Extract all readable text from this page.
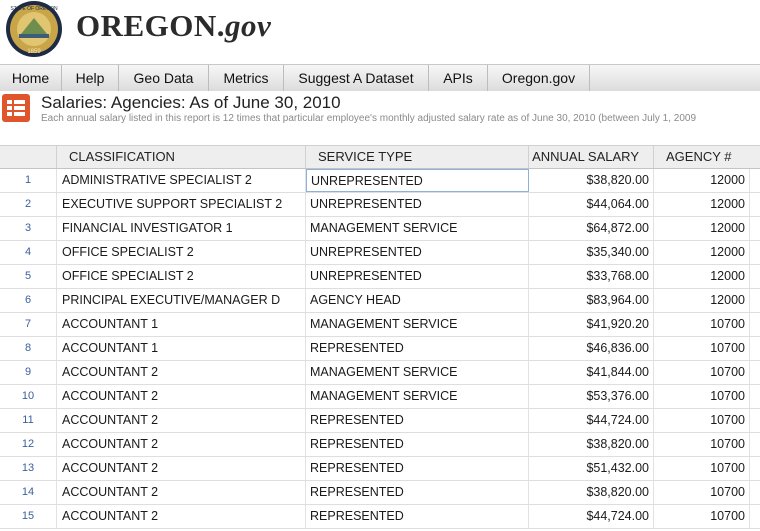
STATE OF OREGON
1859
OREGON.gov
Home	Help	Geo Data	Metrics	Suggest A Dataset	APIs	Oregon.gov
Salaries: Agencies: As of June 30, 2010
Each annual salary listed in this report is 12 times that particular employee's monthly adjusted salary rate as of June 30, 2010 (between July 1, 2009
CLASSIFICATION	SERVICE TYPE	ANNUAL SALARY	AGENCY #
1	ADMINISTRATIVE SPECIALIST 2	UNREPRESENTED	$38,820.00	12000
2	EXECUTIVE SUPPORT SPECIALIST 2	UNREPRESENTED	$44,064.00	12000
3	FINANCIAL INVESTIGATOR 1	MANAGEMENT SERVICE	$64,872.00	12000
4	OFFICE SPECIALIST 2	UNREPRESENTED	$35,340.00	12000
5	OFFICE SPECIALIST 2	UNREPRESENTED	$33,768.00	12000
6	PRINCIPAL EXECUTIVE/MANAGER D	AGENCY HEAD	$83,964.00	12000
7	ACCOUNTANT 1	MANAGEMENT SERVICE	$41,920.20	10700
8	ACCOUNTANT 1	REPRESENTED	$46,836.00	10700
9	ACCOUNTANT 2	MANAGEMENT SERVICE	$41,844.00	10700
10	ACCOUNTANT 2	MANAGEMENT SERVICE	$53,376.00	10700
11	ACCOUNTANT 2	REPRESENTED	$44,724.00	10700
12	ACCOUNTANT 2	REPRESENTED	$38,820.00	10700
13	ACCOUNTANT 2	REPRESENTED	$51,432.00	10700
14	ACCOUNTANT 2	REPRESENTED	$38,820.00	10700
15	ACCOUNTANT 2	REPRESENTED	$44,724.00	10700
